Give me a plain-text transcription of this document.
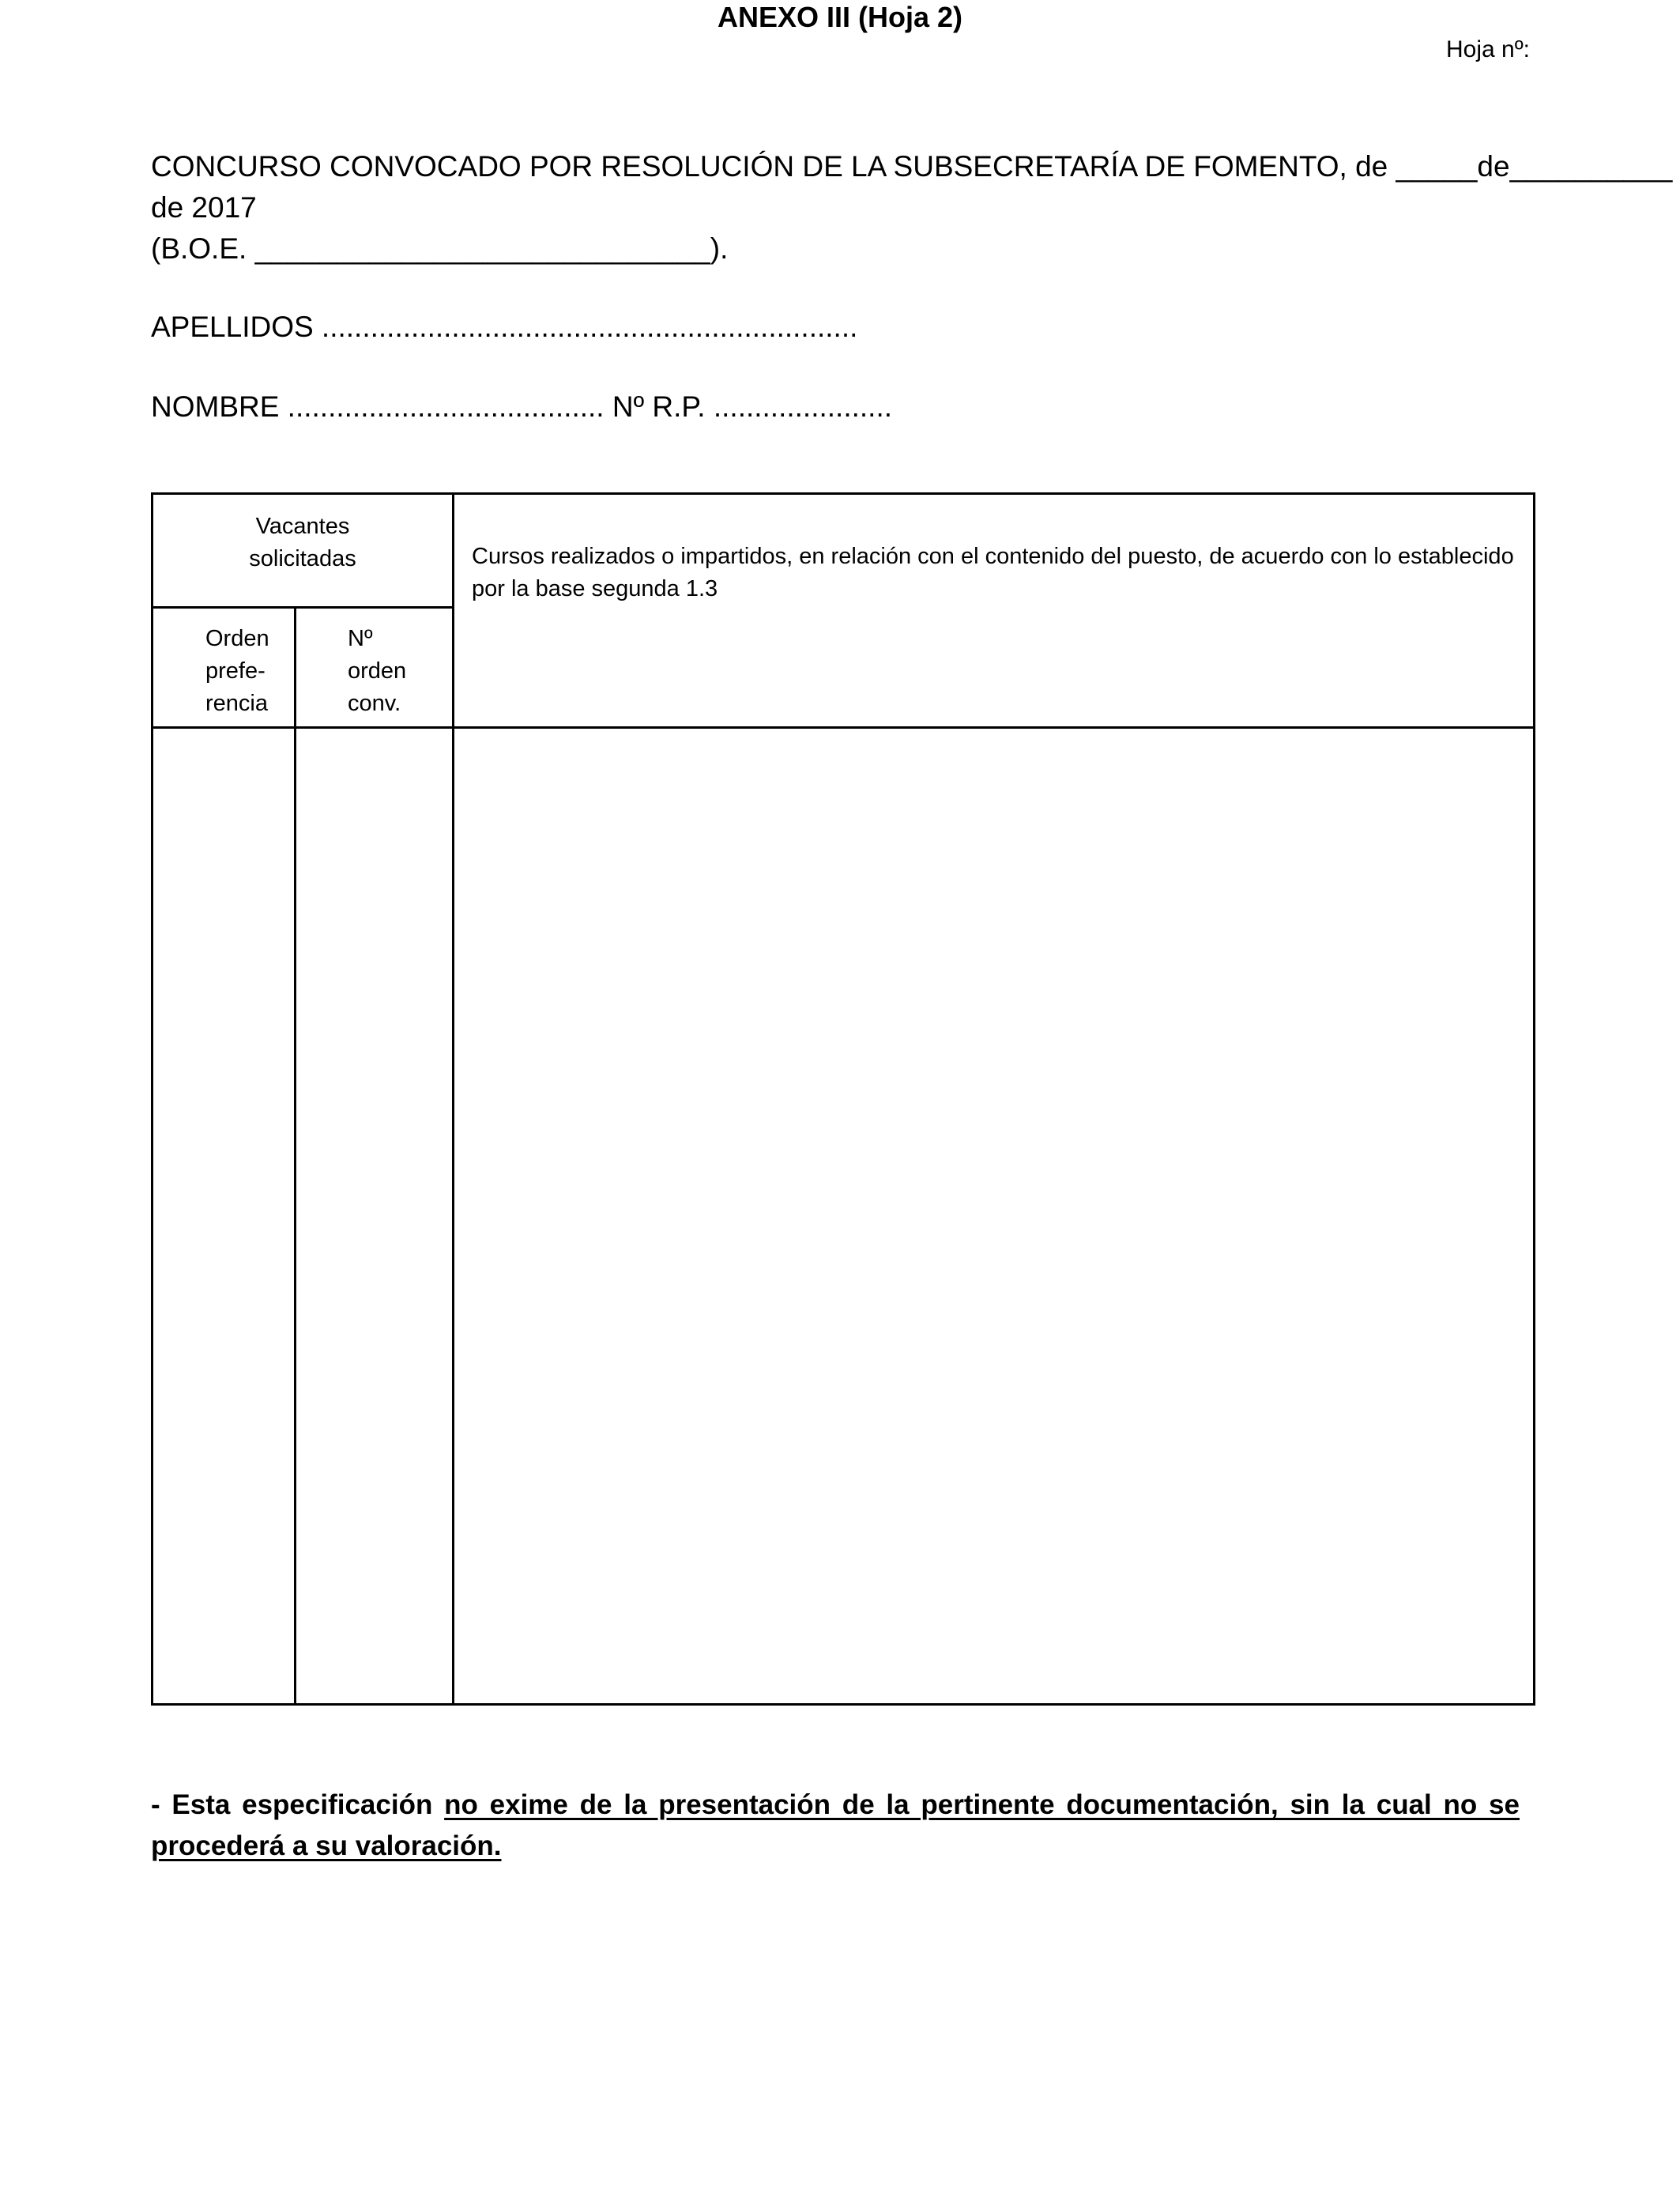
ANEXO III (Hoja 2)
Hoja nº:
CONCURSO CONVOCADO POR RESOLUCIÓN DE LA SUBSECRETARÍA DE FOMENTO, de _____de__________
de 2017
(B.O.E. ____________________________).
APELLIDOS ..................................................................
NOMBRE ....................................... Nº R.P. ......................
Vacantes
solicitadas		Cursos realizados o impartidos, en relación con el contenido del puesto, de acuerdo con lo establecido por la base segunda 1.3

Orden
prefe-
rencia	Nº
orden
conv.	

- Esta especificación no exime de la presentación de la pertinente documentación, sin la cual no se procederá a su valoración.
